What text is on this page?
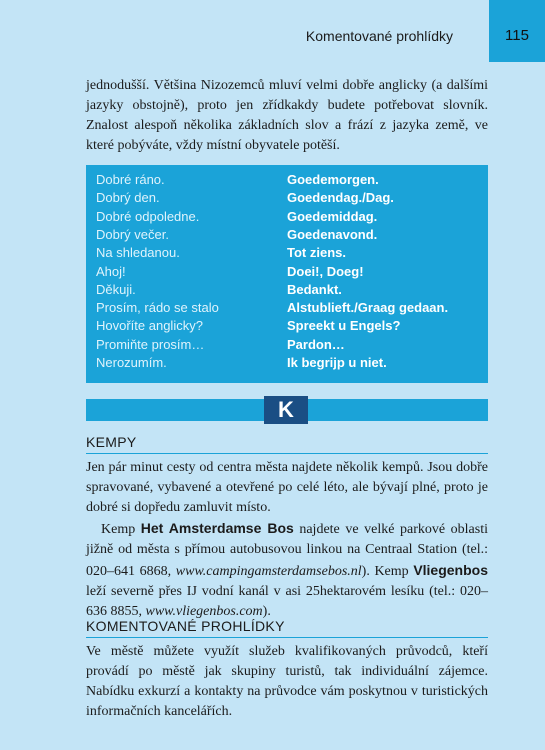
Komentované prohlídky	115

jednodušší. Většina Nizozemců mluví velmi dobře anglicky (a dalšími jazyky obstojně), proto jen zřídkakdy budete potřebovat slovník. Znalost alespoň několika základních slov a frází z jazyka země, ve které pobýváte, vždy místní obyvatele potěší.

Dobré ráno.	Goedemorgen.
Dobrý den.	Goedendag./Dag.
Dobré odpoledne.	Goedemiddag.
Dobrý večer.	Goedenavond.
Na shledanou.	Tot ziens.
Ahoj!	Doei!, Doeg!
Děkuji.	Bedankt.
Prosím, rádo se stalo	Alstublieft./Graag gedaan.
Hovoříte anglicky?	Spreekt u Engels?
Promiňte prosím…	Pardon…
Nerozumím.	Ik begrijp u niet.
K
KEMPY

Jen pár minut cesty od centra města najdete několik kempů. Jsou dobře spravované, vybavené a otevřené po celé léto, ale bývají plné, proto je dobré si dopředu zamluvit místo.

Kemp Het Amsterdamse Bos najdete ve velké parkové oblasti jižně od města s přímou autobusovou linkou na Centraal Station (tel.: 020–641 6868, www.campingamsterdamsebos.nl). Kemp Vliegenbos leží severně přes IJ vodní kanál v asi 25hektarovém lesíku (tel.: 020–636 8855, www.vliegenbos.com).

KOMENTOVANÉ PROHLÍDKY

Ve městě můžete využít služeb kvalifikovaných průvodců, kteří provádí po městě jak skupiny turistů, tak individuální zájemce. Nabídku exkurzí a kontakty na průvodce vám poskytnou v turistických informačních kancelářích.
